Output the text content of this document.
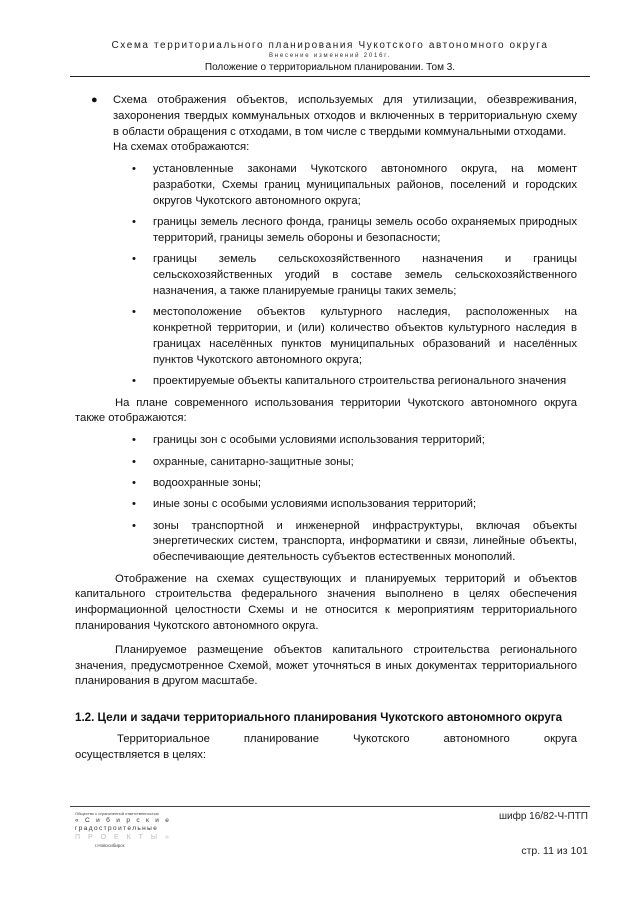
Схема территориального планирования Чукотского автономного округа
Внесение изменений 2016г.
Положение о территориальном планировании. Том 3.

● Схема отображения объектов, используемых для утилизации, обезвреживания, захоронения твердых коммунальных отходов и включенных в территориальную схему в области обращения с отходами, в том числе с твердыми коммунальными отходами.

На схемах отображаются:

• установленные законами Чукотского автономного округа, на момент разработки, Схемы границ муниципальных районов, поселений и городских округов Чукотского автономного округа;

• границы земель лесного фонда, границы земель особо охраняемых природных территорий, границы земель обороны и безопасности;

• границы земель сельскохозяйственного назначения и границы сельскохозяйственных угодий в составе земель сельскохозяйственного назначения, а также планируемые границы таких земель;

• местоположение объектов культурного наследия, расположенных на конкретной территории, и (или) количество объектов культурного наследия в границах населённых пунктов муниципальных образований и населённых пунктов Чукотского автономного округа;

• проектируемые объекты капитального строительства регионального значения

На плане современного использования территории Чукотского автономного округа также отображаются:

• границы зон с особыми условиями использования территорий;

• охранные, санитарно-защитные зоны;

• водоохранные зоны;

• иные зоны с особыми условиями использования территорий;

• зоны транспортной и инженерной инфраструктуры, включая объекты энергетических систем, транспорта, информатики и связи, линейные объекты, обеспечивающие деятельность субъектов естественных монополий.

Отображение на схемах существующих и планируемых территорий и объектов капитального строительства федерального значения выполнено в целях обеспечения информационной целостности Схемы и не относится к мероприятиям территориального планирования Чукотского автономного округа.

Планируемое размещение объектов капитального строительства регионального значения, предусмотренное Схемой, может уточняться в иных документах территориального планирования в другом масштабе.

1.2. Цели и задачи территориального планирования Чукотского автономного округа

Территориальное планирование Чукотского автономного округа

осуществляется в целях:

Общество с ограниченной ответственностью
« С и б и р с к и е
градостроительные
П Р О Е К Т Ы »
г.Новосибирск
шифр 16/82-Ч-ПТП
стр. 11 из 101
